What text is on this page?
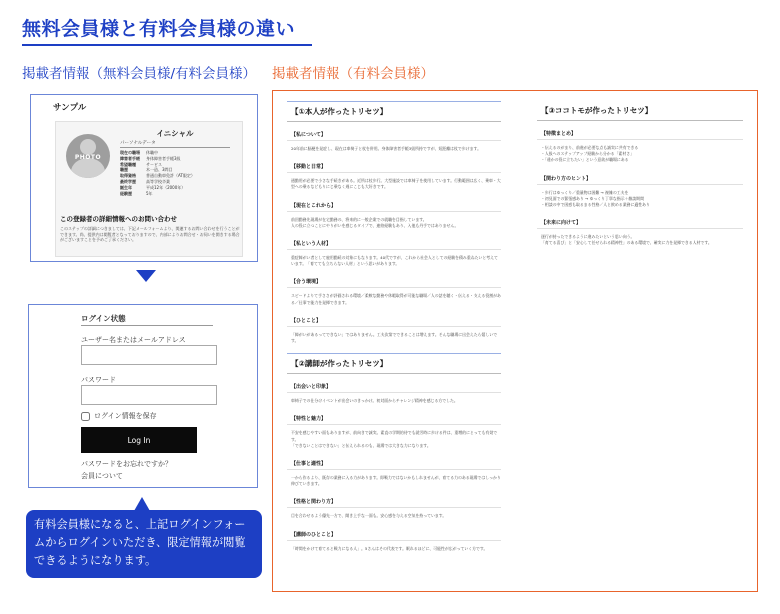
無料会員様と有料会員様の違い
掲載者情報（無料会員様/有料会員様） 掲載者情報（有料会員様）
サンプル
PHOTO
イニシャル
パーソナルデータ
現在の職場	休職中
障害者手帳	身体障害者手帳3級
希望職種	サービス
職歴	木一造、3問目
取得資格	普通自動車免許（AT限定）
最終学歴	高等学校卒業
誕生年	平成12年（2000年）
経験歴	5年
この登録者の詳細情報へのお問い合わせ
このステップの詳細につきましては、下記メールフォームより、関連するお問い合わせを行うことができます。尚、提供内は閲覧者となっておりますので、内部によりお問合せ・お伺いを開きする場合がございますことを予めご了承ください。
ログイン状態
ユーザー名またはメールアドレス
パスワード
ログイン情報を保存
Log In
パスワードをお忘れですか？
会員について
有料会員様になると、上記ログインフォームからログインいただき、限定情報が閲覧できるようになります。
【①本人が作ったトリセツ】
【私について】
20年前に脳梗を発症し、現在は車椅子と杖を併用。身体障害者手帳3級所持ですが、短距離は杖で歩けます。
【移動と日常】
通勤用が必要で小さな手続きがある。近所は杖歩行。大型施設では車椅子を使用しています。行動範囲は広く、乗車・大型への乗るなどもりにじ乗なく週にこじも大好きです。
【現在とこれから】
前回勤務先現場が在宅勤務の、将来的に一般企業での就職を目指しています。
人の役に立つことにやりがいを感じるタイプで、連絡経験もあり、入他も丹手ではありません。
【私という人材】
重症障がい者として雇用勤続の対象にもなります。40代ですが、これから社会人としての経験を積み重ねたいと考えています。「育てても立ちらない人材」という思いがあります。
【合う環境】
スピードよりて手ささが評価される環境／柔軟な勤務や休暇取得が可能な職場／人の話を聴く・伝える・支える役割がある／仕事で能力を発揮できます。
【ひとこと】
「障がいがあるってできない」ではありません。工夫次第でできることは増えます。そんな職場に出会えたら嬉しいです。
【②講師が作ったトリセツ】
【出会いと印象】
車椅子での仕分けイベントが出会いのきっかけ。初対面からチャレンジ精神を感じる方でした。
【特性と魅力】
不安を感じやすい面もありますが、前向きで誠実。素直の学期的待でも就労時に歩ける件は、重増的にとっても有効です。
「できないことはできない」と伝えられるのも、現場では大きな力になります。
【仕事と適性】
一から作るより、既存の業務に入る力があります。即戦力ではないかもしれませんが、育てる力のある現場ではしっかり伸びていきます。
【性格と関わり方】
目を合わせるよう優先一方で、聞き上手な一面も。安心感を与える空気を持っています。
【講師のひとこと】
「時間をかけて育てると戦力になる人」。5さんはその代表です。眠れるほどに、可能性が広がっていく方です。
【③ココトモが作ったトリセツ】
【特徴まとめ】
・伝えるのがまり、前進が必要な点も誠実に共有できる
・人扱へのステップアップ経験から分かる「素材さ」
・「違かの役に立ちたい」という意欲が職場にある
【関わり方のヒント】
・歩行はゆっくり／重量物は困難 → 複雑の工夫を
・初見面での緊張感あり → ゆっくり丁寧な指示＋雑談期間
・相談の中で困惑も取るまる性格／人と飲める業務に適性あり
【未来に向けて】
逐行が持ったできるように進みたいという思い向う。
「育てる喜び」と「安心して任せられる精神性」のある環境で、確実に力を発揮できる人材です。
